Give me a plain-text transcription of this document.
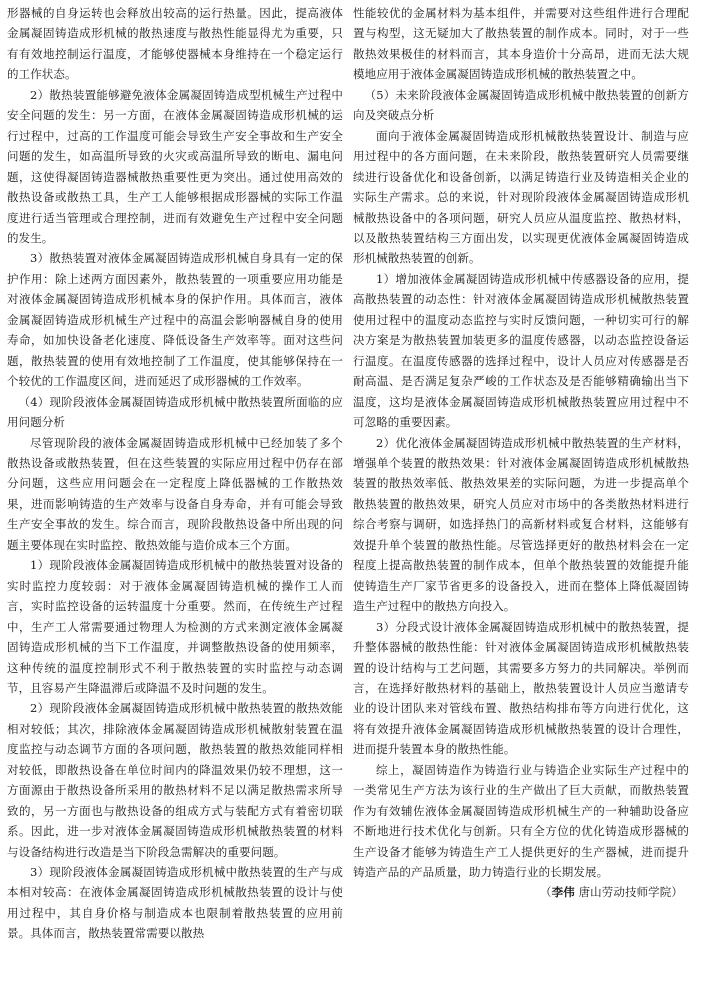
形器械的自身运转也会释放出较高的运行热量。因此，提高液体金属凝固铸造成形机械的散热速度与散热性能显得尤为重要，只有有效地控制运行温度，才能够使器械本身维持在一个稳定运行的工作状态。

2）散热装置能够避免液体金属凝固铸造成型机械生产过程中安全问题的发生：另一方面，在液体金属凝固铸造成形机械的运行过程中，过高的工作温度可能会导致生产安全事故和生产安全问题的发生，如高温所导致的火灾或高温所导致的断电、漏电问题，这使得凝固铸造器械散热重要性更为突出。通过使用高效的散热设备或散热工具，生产工人能够根据成形器械的实际工作温度进行适当管理或合理控制，进而有效避免生产过程中安全问题的发生。

3）散热装置对液体金属凝固铸造成形机械自身具有一定的保护作用：除上述两方面因素外，散热装置的一项重要应用功能是对液体金属凝固铸造成形机械本身的保护作用。具体而言，液体金属凝固铸造成形机械生产过程中的高温会影响器械自身的使用寿命，如加快设备老化速度、降低设备生产效率等。面对这些问题，散热装置的使用有效地控制了工作温度，使其能够保持在一个较优的工作温度区间，进而延迟了成形器械的工作效率。

（4）现阶段液体金属凝固铸造成形机械中散热装置所面临的应用问题分析

尽管现阶段的液体金属凝固铸造成形机械中已经加装了多个散热设备或散热装置，但在这些装置的实际应用过程中仍存在部分问题，这些应用问题会在一定程度上降低器械的工作散热效果，进而影响铸造的生产效率与设备自身寿命，并有可能会导致生产安全事故的发生。综合而言，现阶段散热设备中所出现的问题主要体现在实时监控、散热效能与造价成本三个方面。

1）现阶段液体金属凝固铸造成形机械中的散热装置对设备的实时监控力度较弱：对于液体金属凝固铸造机械的操作工人而言，实时监控设备的运转温度十分重要。然而，在传统生产过程中，生产工人常需要通过物理人为检测的方式来测定液体金属凝固铸造成形机械的当下工作温度，并调整散热设备的使用频率，这种传统的温度控制形式不利于散热装置的实时监控与动态调节，且容易产生降温滞后或降温不及时问题的发生。

2）现阶段液体金属凝固铸造成形机械中散热装置的散热效能相对较低；其次，排除液体金属凝固铸造成形机械散射装置在温度监控与动态调节方面的各项问题，散热装置的散热效能同样相对较低，即散热设备在单位时间内的降温效果仍较不理想，这一方面源由于散热设备所采用的散热材料不足以满足散热需求所导致的，另一方面也与散热设备的组成方式与装配方式有着密切联系。因此，进一步对液体金属凝固铸造成形机械散热装置的材料与设备结构进行改造是当下阶段急需解决的重要问题。

3）现阶段液体金属凝固铸造成形机械中散热装置的生产与成本相对较高：在液体金属凝固铸造成形机械散热装置的设计与使用过程中，其自身价格与制造成本也限制着散热装置的应用前景。具体而言，散热装置常需要以散热

性能较优的金属材料为基本组件，并需要对这些组件进行合理配置与构型，这无疑加大了散热装置的制作成本。同时，对于一些散热效果极佳的材料而言，其本身造价十分高昂，进而无法大规模地应用于液体金属凝固铸造成形机械的散热装置之中。

（5）未来阶段液体金属凝固铸造成形机械中散热装置的创新方向及突破点分析

面向于液体金属凝固铸造成形机械散热装置设计、制造与应用过程中的各方面问题，在未来阶段，散热装置研究人员需要继续进行设备优化和设备创新，以满足铸造行业及铸造相关企业的实际生产需求。总的来说，针对现阶段液体金属凝固铸造成形机械散热设备中的各项问题，研究人员应从温度监控、散热材料，以及散热装置结构三方面出发，以实现更优液体金属凝固铸造成形机械散热装置的创新。

1）增加液体金属凝固铸造成形机械中传感器设备的应用，提高散热装置的动态性：针对液体金属凝固铸造成形机械散热装置使用过程中的温度动态监控与实时反馈问题，一种切实可行的解决方案是为散热装置加装更多的温度传感器，以动态监控设备运行温度。在温度传感器的选择过程中，设计人员应对传感器是否耐高温、是否满足复杂严峻的工作状态及是否能够精确输出当下温度，这均是液体金属凝固铸造成形机械散热装置应用过程中不可忽略的重要因素。

2）优化液体金属凝固铸造成形机械中散热装置的生产材料，增强单个装置的散热效果：针对液体金属凝固铸造成形机械散热装置的散热效率低、散热效果差的实际问题，为进一步提高单个散热装置的散热效果，研究人员应对市场中的各类散热材料进行综合考察与调研，如选择热门的高新材料或复合材料，这能够有效提升单个装置的散热性能。尽管选择更好的散热材料会在一定程度上提高散热装置的制作成本，但单个散热装置的效能提升能使铸造生产厂家节省更多的设备投入，进而在整体上降低凝固铸造生产过程中的散热方向投入。

3）分段式设计液体金属凝固铸造成形机械中的散热装置，提升整体器械的散热性能：针对液体金属凝固铸造成形机械散热装置的设计结构与工艺问题，其需要多方努力的共同解决。举例而言，在选择好散热材料的基础上，散热装置设计人员应当邀请专业的设计团队来对管线布置、散热结构排布等方向进行优化，这将有效提升液体金属凝固铸造成形机械散热装置的设计合理性，进而提升装置本身的散热性能。

综上，凝固铸造作为铸造行业与铸造企业实际生产过程中的一类常见生产方法为该行业的生产做出了巨大贡献，而散热装置作为有效辅佐液体金属凝固铸造成形机械生产的一种辅助设备应不断地进行技术优化与创新。只有全方位的优化铸造成形器械的生产设备才能够为铸造生产工人提供更好的生产器械，进而提升铸造产品的产品质量，助力铸造行业的长期发展。

（李伟 唐山劳动技师学院）
